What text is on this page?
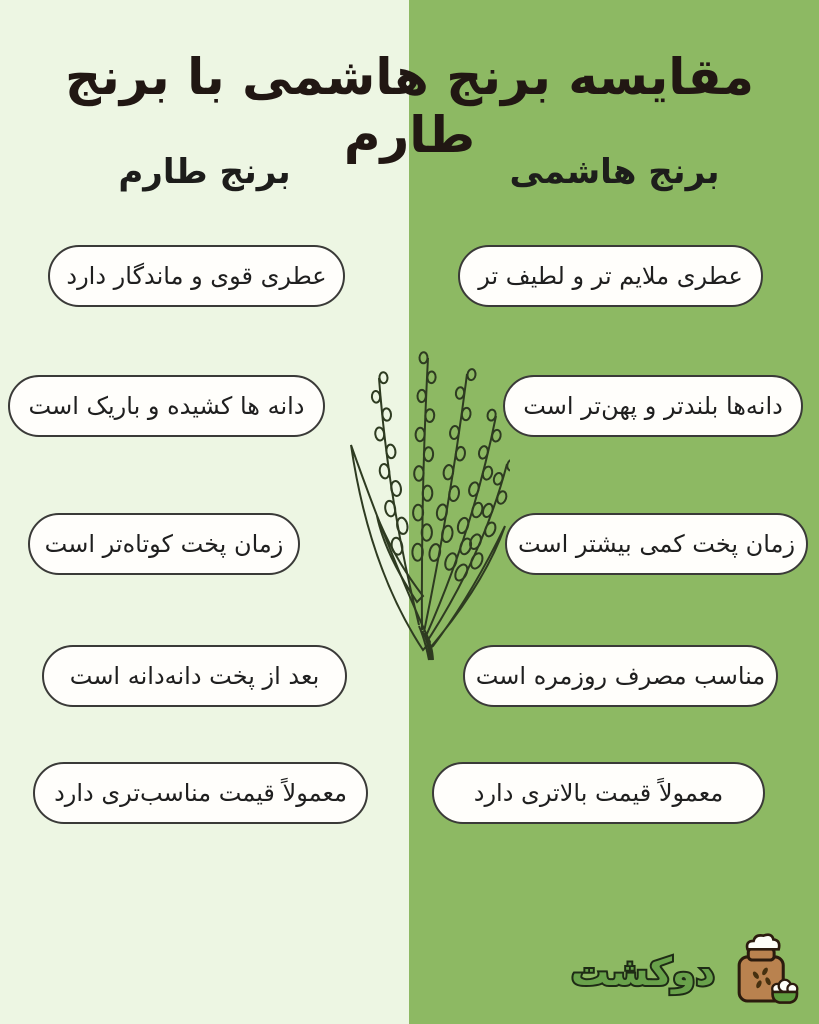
مقایسه برنج هاشمی با برنج طارم
برنج هاشمی
برنج طارم
عطری ملایم تر و لطیف تر
دانه‌ها بلندتر و پهن‌تر است
زمان پخت کمی بیشتر است
مناسب مصرف روزمره است
معمولاً قیمت بالاتری دارد
عطری قوی و ماندگار دارد
دانه ها کشیده و باریک است
زمان پخت کوتاه‌تر است
بعد از پخت دانه‌دانه است
معمولاً قیمت مناسب‌تری دارد
دوکشت
